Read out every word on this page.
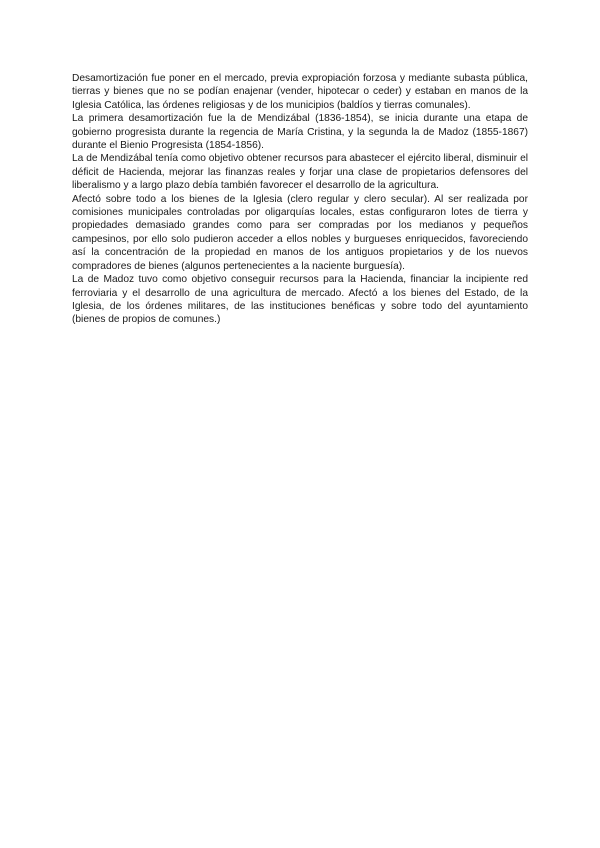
Desamortización fue poner en el mercado, previa expropiación forzosa y mediante subasta pública, tierras y bienes que no se podían enajenar (vender, hipotecar o ceder) y estaban en manos de la Iglesia Católica, las órdenes religiosas y de los municipios (baldíos y tierras comunales).

La primera desamortización fue la de Mendizábal (1836-1854), se inicia durante una etapa de gobierno progresista durante la regencia de María Cristina, y la segunda la de Madoz (1855-1867) durante el Bienio Progresista (1854-1856).

La de Mendizábal tenía como objetivo obtener recursos para abastecer el ejército liberal, disminuir el déficit de Hacienda, mejorar las finanzas reales y forjar una clase de propietarios defensores del liberalismo y a largo plazo debía también favorecer el desarrollo de la agricultura.

Afectó sobre todo a los bienes de la Iglesia (clero regular y clero secular). Al ser realizada por comisiones municipales controladas por oligarquías locales, estas configuraron lotes de tierra y propiedades demasiado grandes como para ser compradas por los medianos y pequeños campesinos, por ello solo pudieron acceder a ellos nobles y burgueses enriquecidos, favoreciendo así la concentración de la propiedad en manos de los antiguos propietarios y de los nuevos compradores de bienes (algunos pertenecientes a la naciente burguesía).

La de Madoz tuvo como objetivo conseguir recursos para la Hacienda, financiar la incipiente red ferroviaria y el desarrollo de una agricultura de mercado. Afectó a los bienes del Estado, de la Iglesia, de los órdenes militares, de las instituciones benéficas y sobre todo del ayuntamiento (bienes de propios de comunes.)
